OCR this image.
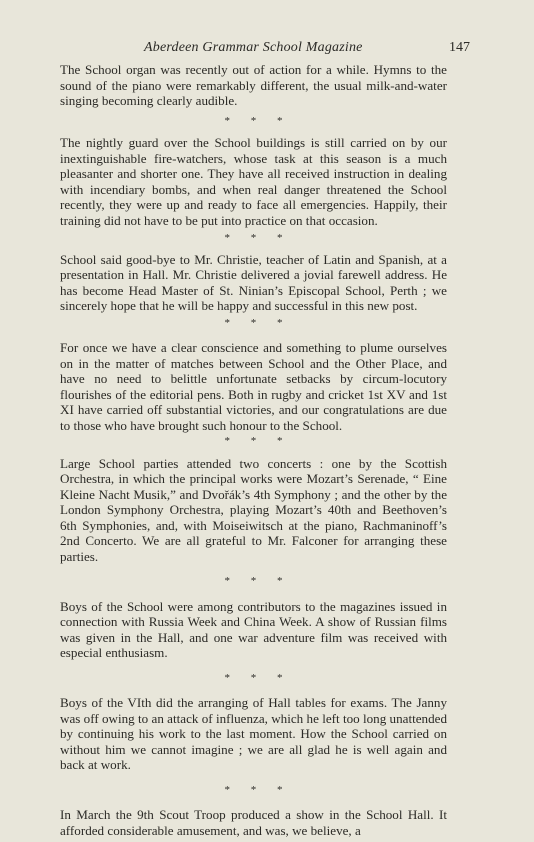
Aberdeen Grammar School Magazine	147

The School organ was recently out of action for a while. Hymns to the sound of the piano were remarkably different, the usual milk-and-water singing becoming clearly audible.

* * *

The nightly guard over the School buildings is still carried on by our inextinguishable fire-watchers, whose task at this season is a much pleasanter and shorter one. They have all received instruction in dealing with incendiary bombs, and when real danger threatened the School recently, they were up and ready to face all emergencies. Happily, their training did not have to be put into practice on that occasion.

* * *

School said good-bye to Mr. Christie, teacher of Latin and Spanish, at a presentation in Hall. Mr. Christie delivered a jovial farewell address. He has become Head Master of St. Ninian’s Episcopal School, Perth ; we sincerely hope that he will be happy and successful in this new post.

* * *

For once we have a clear conscience and something to plume ourselves on in the matter of matches between School and the Other Place, and have no need to belittle unfortunate setbacks by circum-locutory flourishes of the editorial pens. Both in rugby and cricket 1st XV and 1st XI have carried off substantial victories, and our congratulations are due to those who have brought such honour to the School.

* * *

Large School parties attended two concerts : one by the Scottish Orchestra, in which the principal works were Mozart’s Serenade, “ Eine Kleine Nacht Musik,” and Dvořák’s 4th Symphony ; and the other by the London Symphony Orchestra, playing Mozart’s 40th and Beethoven’s 6th Symphonies, and, with Moiseiwitsch at the piano, Rachmaninoff’s 2nd Concerto. We are all grateful to Mr. Falconer for arranging these parties.

* * *

Boys of the School were among contributors to the magazines issued in connection with Russia Week and China Week. A show of Russian films was given in the Hall, and one war adventure film was received with especial enthusiasm.

* * *

Boys of the VIth did the arranging of Hall tables for exams. The Janny was off owing to an attack of influenza, which he left too long unattended by continuing his work to the last moment. How the School carried on without him we cannot imagine ; we are all glad he is well again and back at work.

* * *

In March the 9th Scout Troop produced a show in the School Hall. It afforded considerable amusement, and was, we believe, a
